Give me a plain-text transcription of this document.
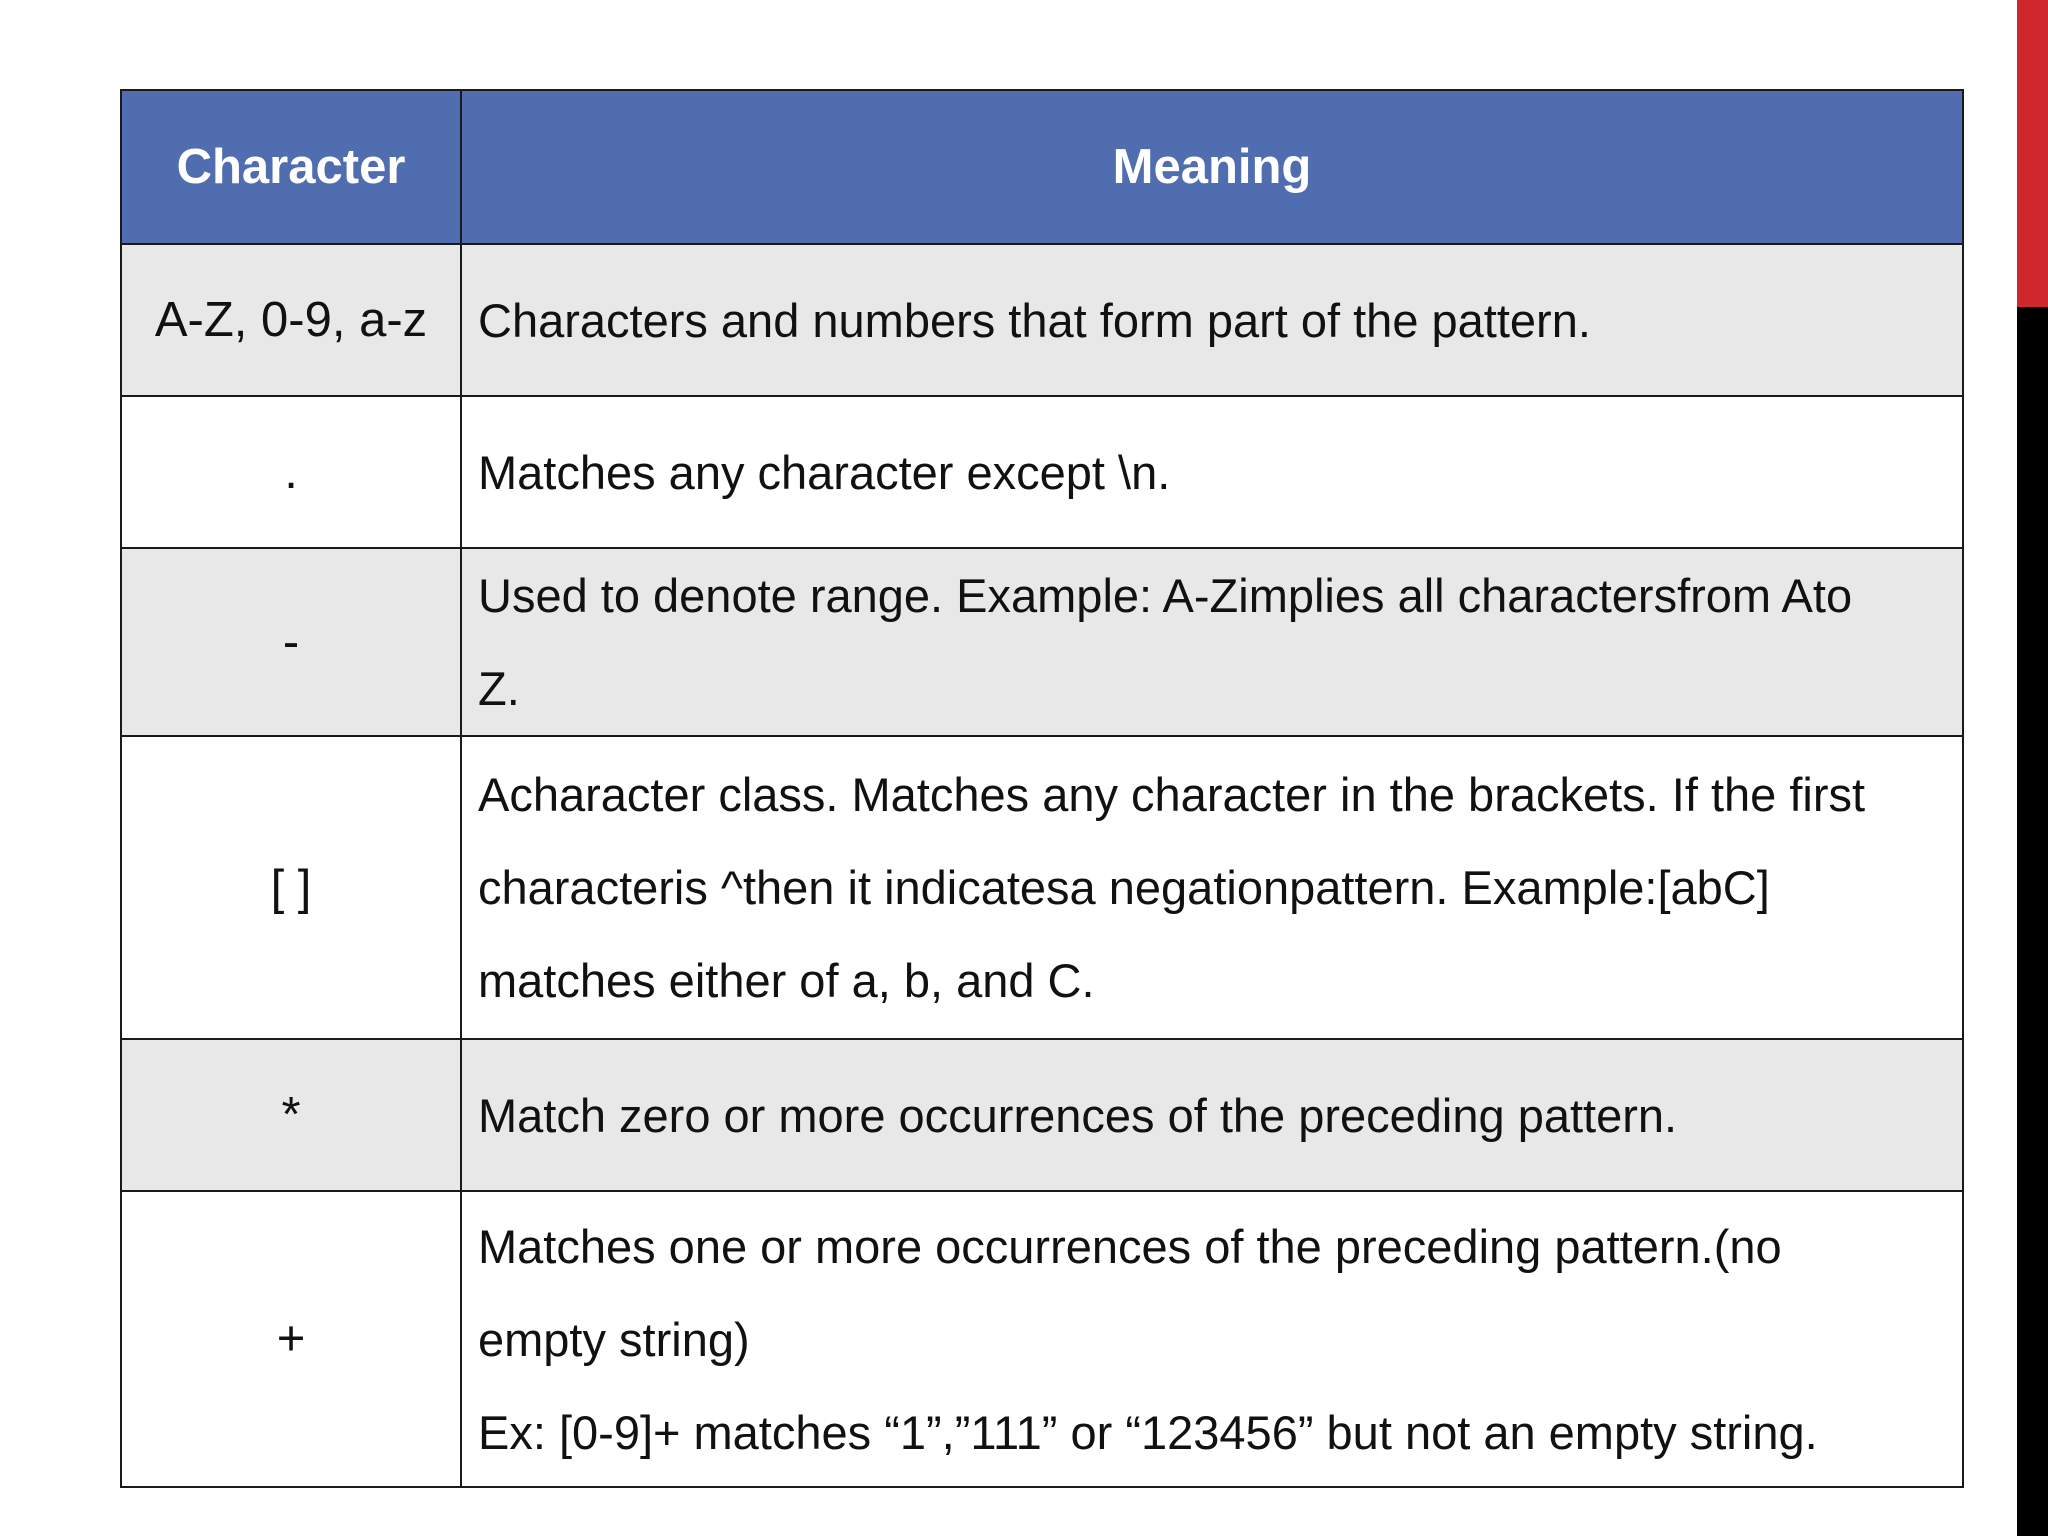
Character	Meaning
A-Z, 0-9, a-z	Characters and numbers that form part of the pattern.

.	Matches any character except \n.

-	Used to denote range. Example: A-Zimplies all charactersfrom Ato
Z.

[ ]	Acharacter class. Matches any character in the brackets. If the first
characteris ^then it indicatesa negationpattern. Example:[abC]
matches either of a, b, and C.

*	Match zero or more occurrences of the preceding pattern.

+	Matches one or more occurrences of the preceding pattern.(no
empty string)
Ex: [0-9]+ matches “1”,”111” or “123456” but not an empty string.
